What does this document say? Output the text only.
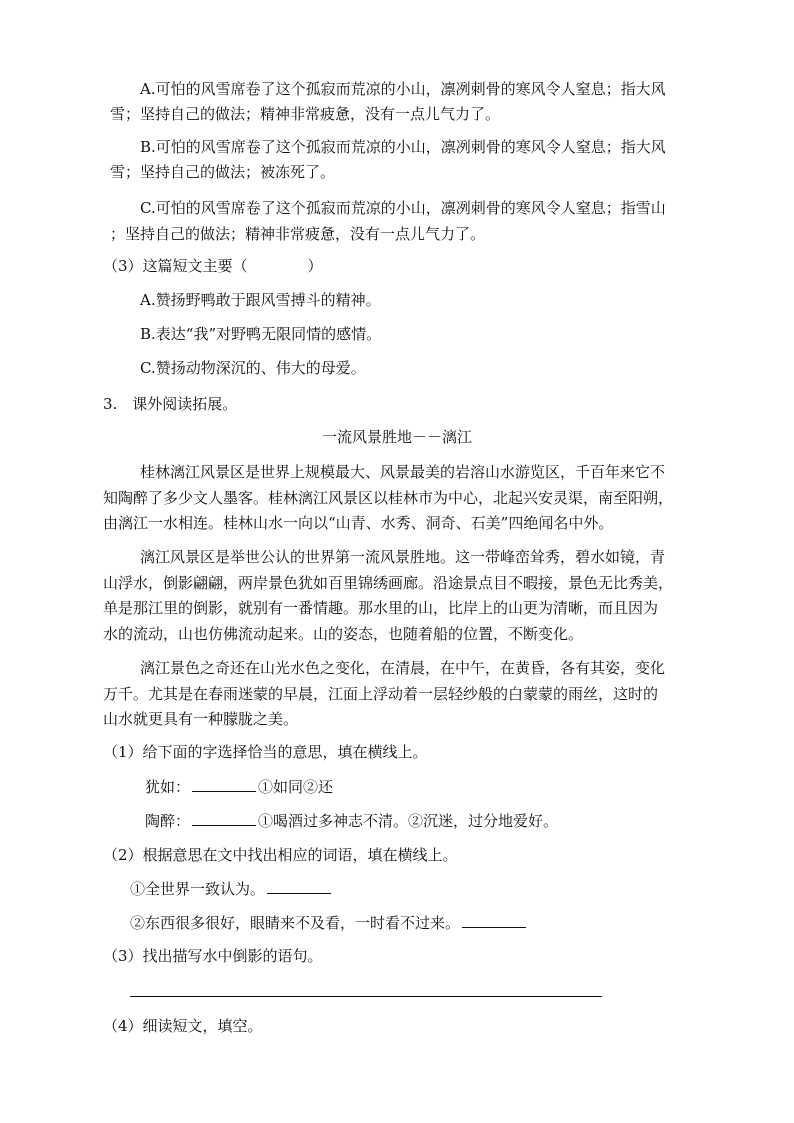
A.可怕的风雪席卷了这个孤寂而荒凉的小山，凛冽刺骨的寒风令人窒息；指大风
雪；坚持自己的做法；精神非常疲惫，没有一点儿气力了。
B.可怕的风雪席卷了这个孤寂而荒凉的小山，凛冽刺骨的寒风令人窒息；指大风
雪；坚持自己的做法；被冻死了。
C.可怕的风雪席卷了这个孤寂而荒凉的小山，凛冽刺骨的寒风令人窒息；指雪山
；坚持自己的做法；精神非常疲惫，没有一点儿气力了。
（3）这篇短文主要（　　　　）
A.赞扬野鸭敢于跟风雪搏斗的精神。
B.表达“我”对野鸭无限同情的感情。
C.赞扬动物深沉的、伟大的母爱。
3.　课外阅读拓展。
一流风景胜地－－漓江
桂林漓江风景区是世界上规模最大、风景最美的岩溶山水游览区，千百年来它不
知陶醉了多少文人墨客。桂林漓江风景区以桂林市为中心，北起兴安灵渠，南至阳朔，
由漓江一水相连。桂林山水一向以“山青、水秀、洞奇、石美”四绝闻名中外。
漓江风景区是举世公认的世界第一流风景胜地。这一带峰峦耸秀，碧水如镜，青
山浮水，倒影翩翩，两岸景色犹如百里锦绣画廊。沿途景点目不暇接，景色无比秀美，
单是那江里的倒影，就别有一番情趣。那水里的山，比岸上的山更为清晰，而且因为
水的流动，山也仿佛流动起来。山的姿态，也随着船的位置，不断变化。
漓江景色之奇还在山光水色之变化，在清晨，在中午，在黄昏，各有其姿，变化
万千。尤其是在春雨迷蒙的早晨，江面上浮动着一层轻纱般的白蒙蒙的雨丝，这时的
山水就更具有一种朦胧之美。
（1）给下面的字选择恰当的意思，填在横线上。
犹如：	①如同②还
陶醉：	①喝酒过多神志不清。②沉迷，过分地爱好。
（2）根据意思在文中找出相应的词语，填在横线上。
①全世界一致认为。
②东西很多很好，眼睛来不及看，一时看不过来。
（3）找出描写水中倒影的语句。
（4）细读短文，填空。
